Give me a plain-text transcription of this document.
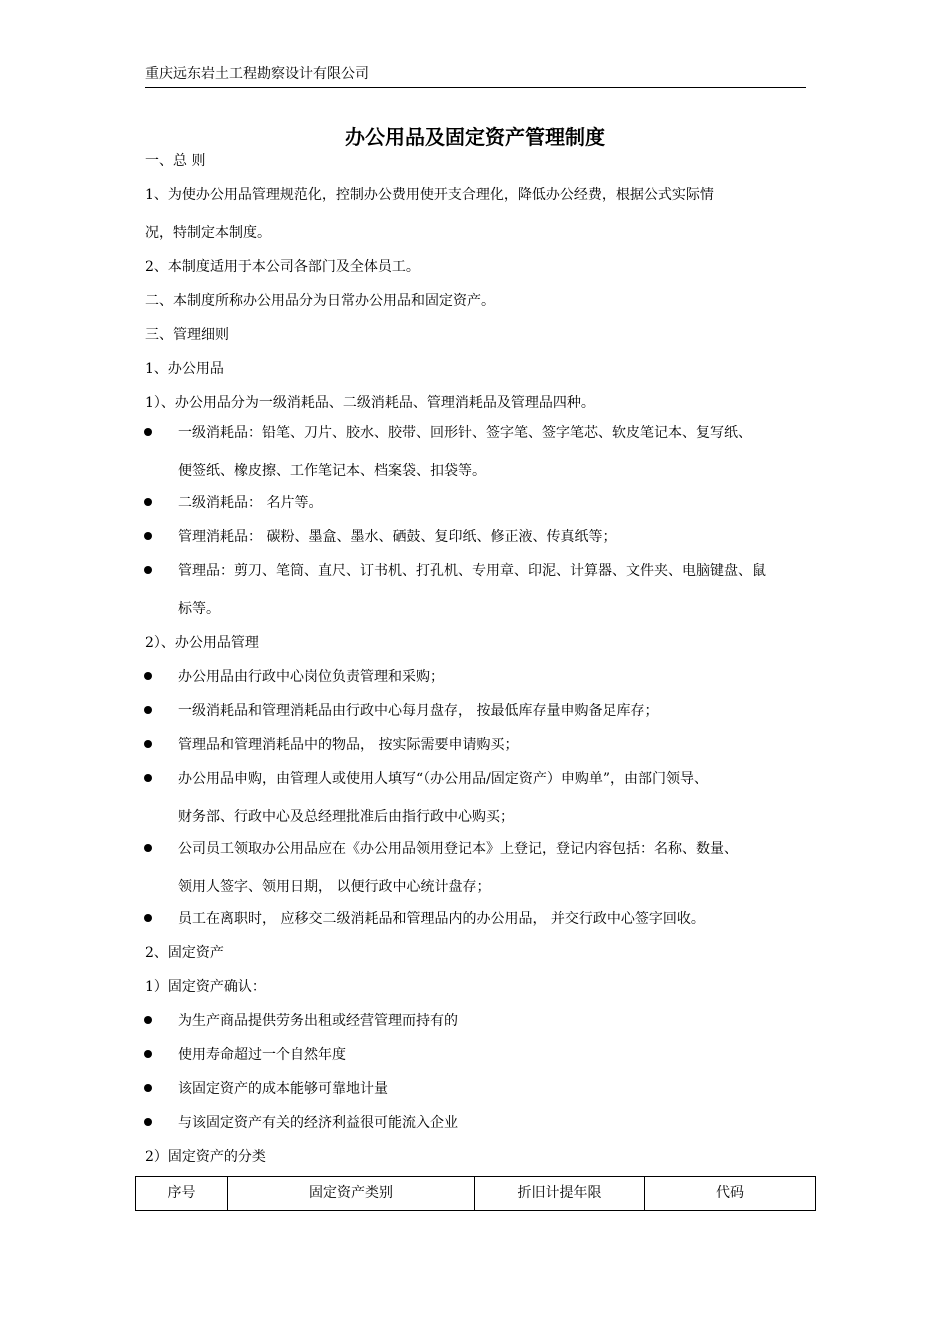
重庆远东岩土工程勘察设计有限公司
办公用品及固定资产管理制度
一、总 则
1、为使办公用品管理规范化，控制办公费用使开支合理化，降低办公经费，根据公式实际情
况，特制定本制度。
2、本制度适用于本公司各部门及全体员工。
二、本制度所称办公用品分为日常办公用品和固定资产。
三、管理细则
1、办公用品
1）、办公用品分为一级消耗品、二级消耗品、管理消耗品及管理品四种。
一级消耗品：铅笔、刀片、胶水、胶带、回形针、签字笔、签字笔芯、软皮笔记本、复写纸、
便签纸、橡皮擦、工作笔记本、档案袋、扣袋等。
二级消耗品： 名片等。
管理消耗品： 碳粉、墨盒、墨水、硒鼓、复印纸、修正液、传真纸等；
管理品：剪刀、笔筒、直尺、订书机、打孔机、专用章、印泥、计算器、文件夹、电脑键盘、鼠
标等。
2）、办公用品管理
办公用品由行政中心岗位负责管理和采购；
一级消耗品和管理消耗品由行政中心每月盘存， 按最低库存量申购备足库存；
管理品和管理消耗品中的物品， 按实际需要申请购买；
办公用品申购，由管理人或使用人填写“（办公用品/固定资产）申购单”，由部门领导、
财务部、行政中心及总经理批准后由指行政中心购买；
公司员工领取办公用品应在《办公用品领用登记本》上登记，登记内容包括：名称、数量、
领用人签字、领用日期， 以便行政中心统计盘存；
员工在离职时， 应移交二级消耗品和管理品内的办公用品， 并交行政中心签字回收。
2、固定资产
1）固定资产确认：
为生产商品提供劳务出租或经营管理而持有的
使用寿命超过一个自然年度
该固定资产的成本能够可靠地计量
与该固定资产有关的经济利益很可能流入企业
2）固定资产的分类
序号	固定资产类别	折旧计提年限	代码
